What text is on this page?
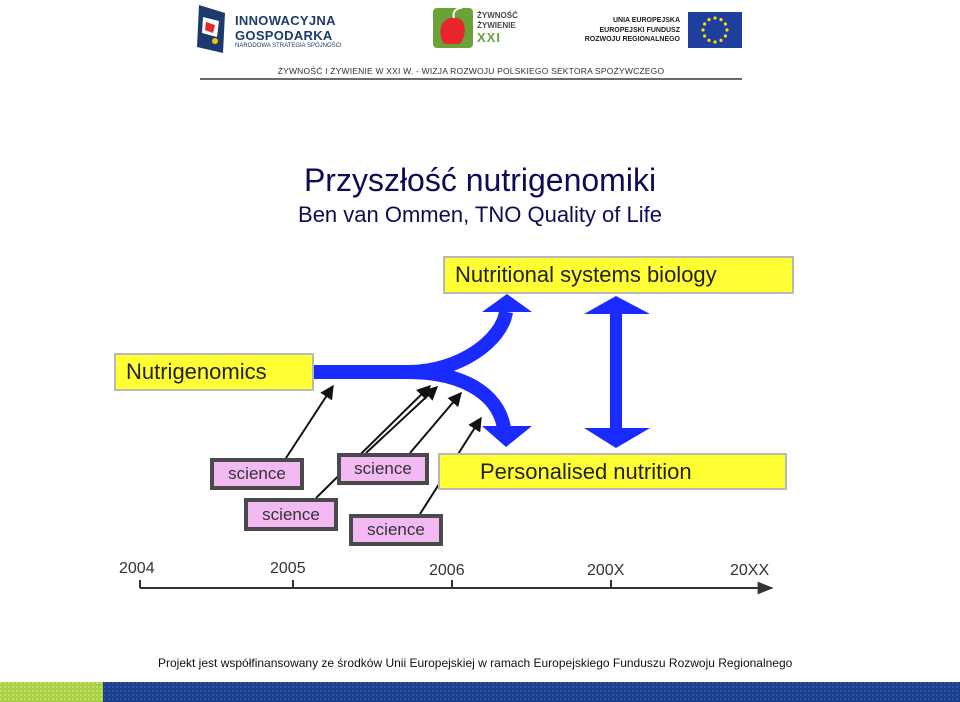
INNOWACYJNA
GOSPODARKA
NARODOWA STRATEGIA SPÓJNOŚCI
ŻYWNOŚĆ
ŻYWIENIE
XXI
UNIA EUROPEJSKA
EUROPEJSKI FUNDUSZ
ROZWOJU REGIONALNEGO
ŻYWNOŚĆ I ŻYWIENIE W XXI W. - WIZJA ROZWOJU POLSKIEGO SEKTORA SPOŻYWCZEGO
Przyszłość nutrigenomiki
Ben van Ommen, TNO Quality of Life
Nutritional systems biology
Nutrigenomics
Personalised nutrition
science	science
science
science
2004	2005	2006	200X	20XX
Projekt jest współfinansowany ze środków Unii Europejskiej w ramach Europejskiego Funduszu Rozwoju Regionalnego
